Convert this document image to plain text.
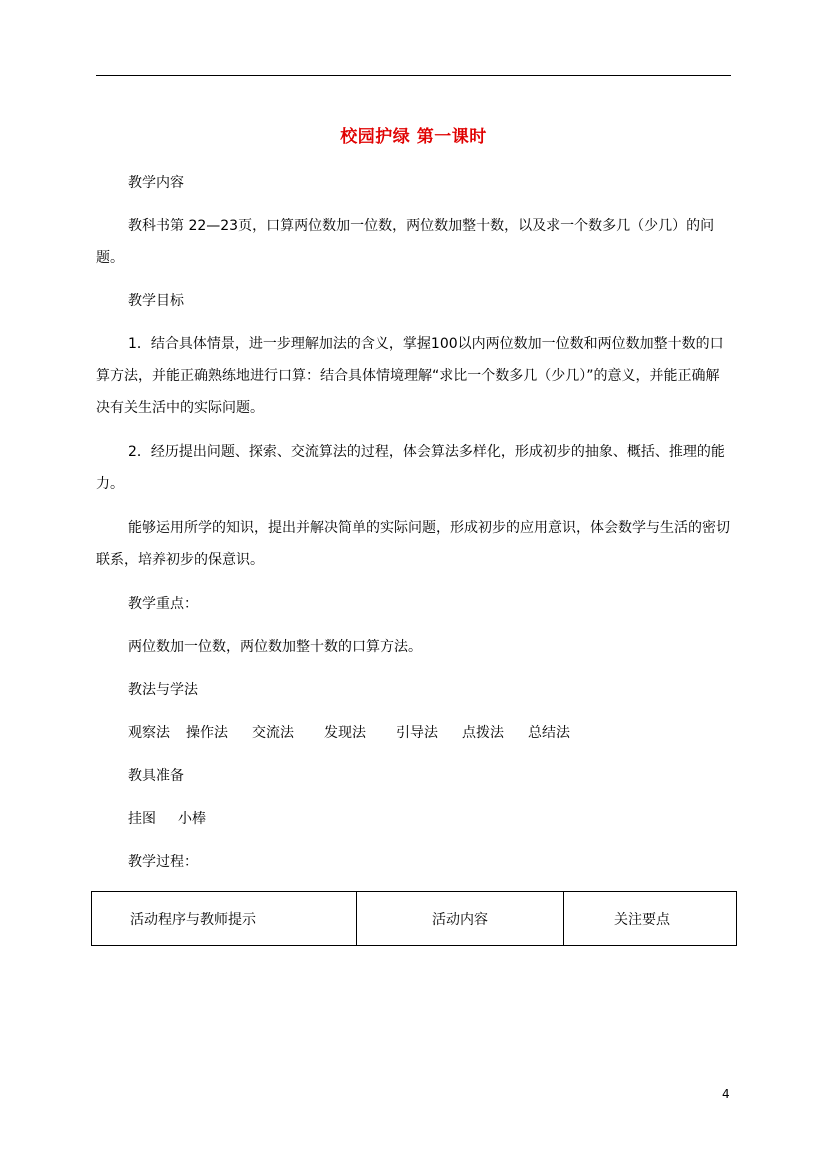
校园护绿 第一课时
教学内容
教科书第 22—23页，口算两位数加一位数，两位数加整十数，以及求一个数多几（少几）的问题。
教学目标
1．结合具体情景，进一步理解加法的含义，掌握100以内两位数加一位数和两位数加整十数的口算方法，并能正确熟练地进行口算：结合具体情境理解“求比一个数多几（少几）”的意义，并能正确解决有关生活中的实际问题。
2．经历提出问题、探索、交流算法的过程，体会算法多样化，形成初步的抽象、概括、推理的能力。
能够运用所学的知识，提出并解决简单的实际问题，形成初步的应用意识，体会数学与生活的密切联系，培养初步的保意识。
教学重点：
两位数加一位数，两位数加整十数的口算方法。
教法与学法
观察法 操作法 交流法 发现法 引导法 点拨法 总结法
教具准备
挂图 小棒
教学过程：
活动程序与教师提示	活动内容	关注要点
4
